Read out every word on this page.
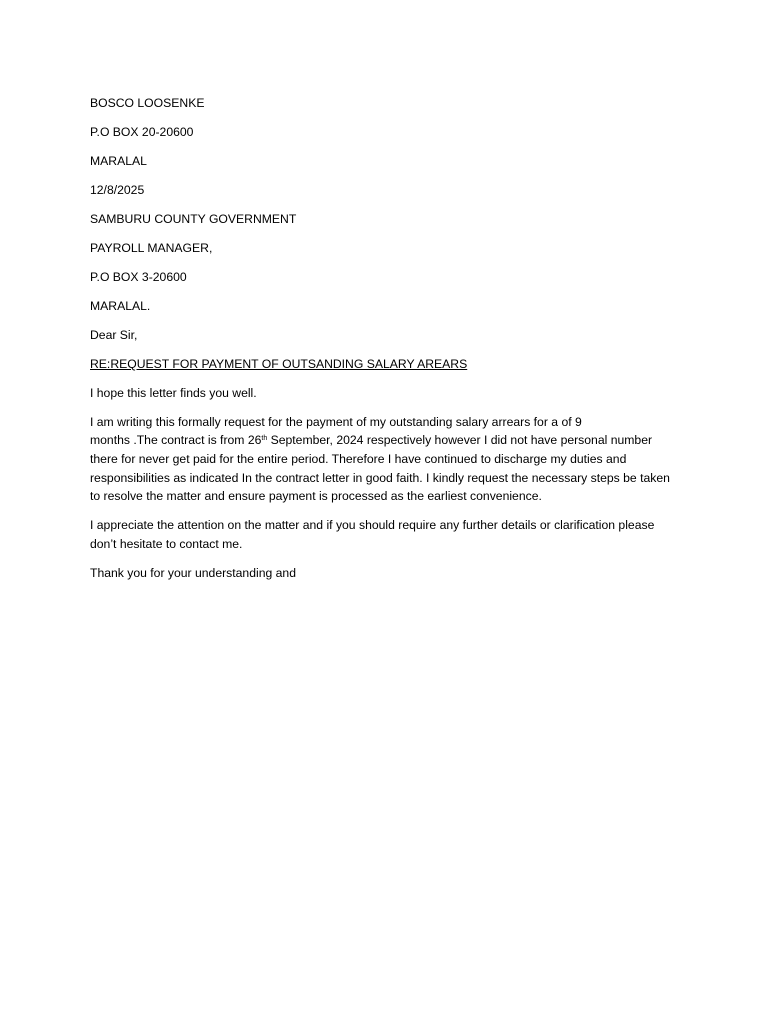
BOSCO LOOSENKE
P.O BOX 20-20600
MARALAL
12/8/2025
SAMBURU COUNTY GOVERNMENT
PAYROLL MANAGER,
P.O BOX 3-20600
MARALAL.
Dear Sir,
RE:REQUEST FOR PAYMENT OF OUTSANDING SALARY AREARS
I hope this letter finds you well.
I am writing this formally request for the payment of my outstanding salary arrears for a of 9
months .The contract is from 26th September, 2024 respectively however I did not have personal number there for never get paid for the entire period. Therefore I have continued to discharge my duties and responsibilities as indicated In the contract letter in good faith. I kindly request the necessary steps be taken to resolve the matter and ensure payment is processed as the earliest convenience.
I appreciate the attention on the matter and if you should require any further details or clarification please don’t hesitate to contact me.
Thank you for your understanding and
